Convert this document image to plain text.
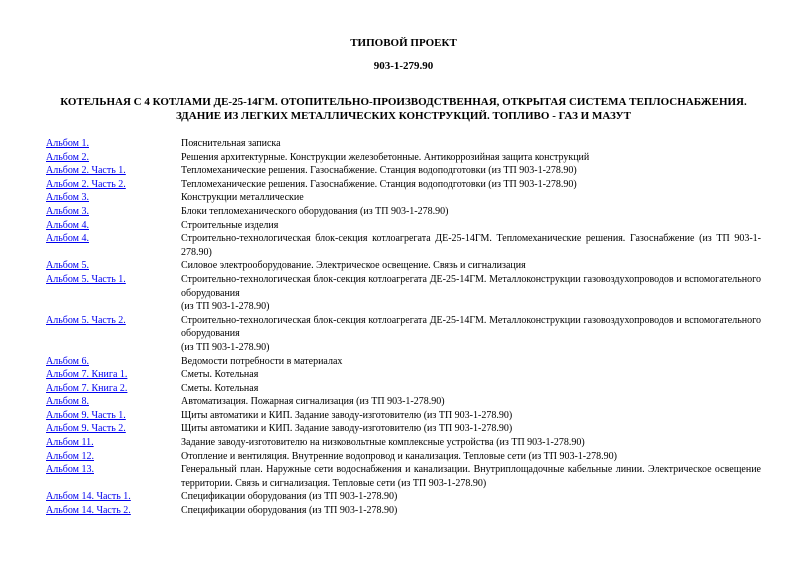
ТИПОВОЙ ПРОЕКТ
903-1-279.90
КОТЕЛЬНАЯ С 4 КОТЛАМИ ДЕ-25-14ГМ. ОТОПИТЕЛЬНО-ПРОИЗВОДСТВЕННАЯ, ОТКРЫТАЯ СИСТЕМА ТЕПЛОСНАБЖЕНИЯ.
ЗДАНИЕ ИЗ ЛЕГКИХ МЕТАЛЛИЧЕСКИХ КОНСТРУКЦИЙ. ТОПЛИВО - ГАЗ И МАЗУТ
Альбом 1.	Пояснительная записка
Альбом 2.	Решения архитектурные. Конструкции железобетонные. Антикоррозийная защита конструкций
Альбом 2. Часть 1.	Тепломеханические решения. Газоснабжение. Станция водоподготовки (из ТП 903-1-278.90)
Альбом 2. Часть 2.	Тепломеханические решения. Газоснабжение. Станция водоподготовки (из ТП 903-1-278.90)
Альбом 3.	Конструкции металлические
Альбом 3.	Блоки тепломеханического оборудования (из ТП 903-1-278.90)
Альбом 4.	Строительные изделия
Альбом 4.	Строительно-технологическая блок-секция котлоагрегата ДЕ-25-14ГМ. Тепломеханические решения. Газоснабжение (из ТП 903-1-278.90)
Альбом 5.	Силовое электрооборудование. Электрическое освещение. Связь и сигнализация
Альбом 5. Часть 1.	Строительно-технологическая блок-секция котлоагрегата ДЕ-25-14ГМ. Металлоконструкции газовоздухопроводов и вспомогательного оборудования
(из ТП 903-1-278.90)
Альбом 5. Часть 2.	Строительно-технологическая блок-секция котлоагрегата ДЕ-25-14ГМ. Металлоконструкции газовоздухопроводов и вспомогательного оборудования
(из ТП 903-1-278.90)
Альбом 6.	Ведомости потребности в материалах
Альбом 7. Книга 1.	Сметы. Котельная
Альбом 7. Книга 2.	Сметы. Котельная
Альбом 8.	Автоматизация. Пожарная сигнализация (из ТП 903-1-278.90)
Альбом 9. Часть 1.	Щиты автоматики и КИП. Задание заводу-изготовителю (из ТП 903-1-278.90)
Альбом 9. Часть 2.	Щиты автоматики и КИП. Задание заводу-изготовителю (из ТП 903-1-278.90)
Альбом 11.	Задание заводу-изготовителю на низковольтные комплексные устройства (из ТП 903-1-278.90)
Альбом 12.	Отопление и вентиляция. Внутренние водопровод и канализация. Тепловые сети (из ТП 903-1-278.90)
Альбом 13.	Генеральный план. Наружные сети водоснабжения и канализации. Внутриплощадочные кабельные линии. Электрическое освещение территории. Связь и сигнализация. Тепловые сети (из ТП 903-1-278.90)
Альбом 14. Часть 1.	Спецификации оборудования (из ТП 903-1-278.90)
Альбом 14. Часть 2.	Спецификации оборудования (из ТП 903-1-278.90)
